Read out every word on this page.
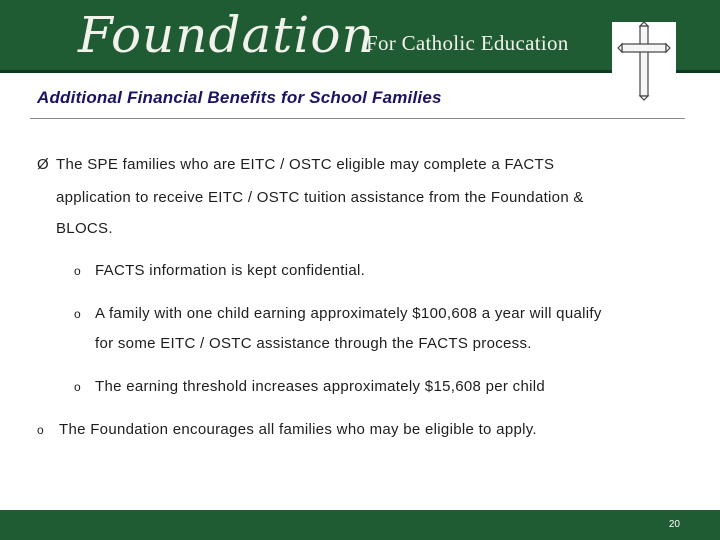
Foundation
For Catholic Education
Additional Financial Benefits for School Families
Ø The SPE families who are EITC / OSTC eligible may complete a FACTS
application to receive EITC / OSTC tuition assistance from the Foundation &
BLOCS.
o FACTS information is kept confidential.
o A family with one child earning approximately $100,608 a year will qualify
for some EITC / OSTC assistance through the FACTS process.
o The earning threshold increases approximately $15,608 per child
o The Foundation encourages all families who may be eligible to apply.
20
